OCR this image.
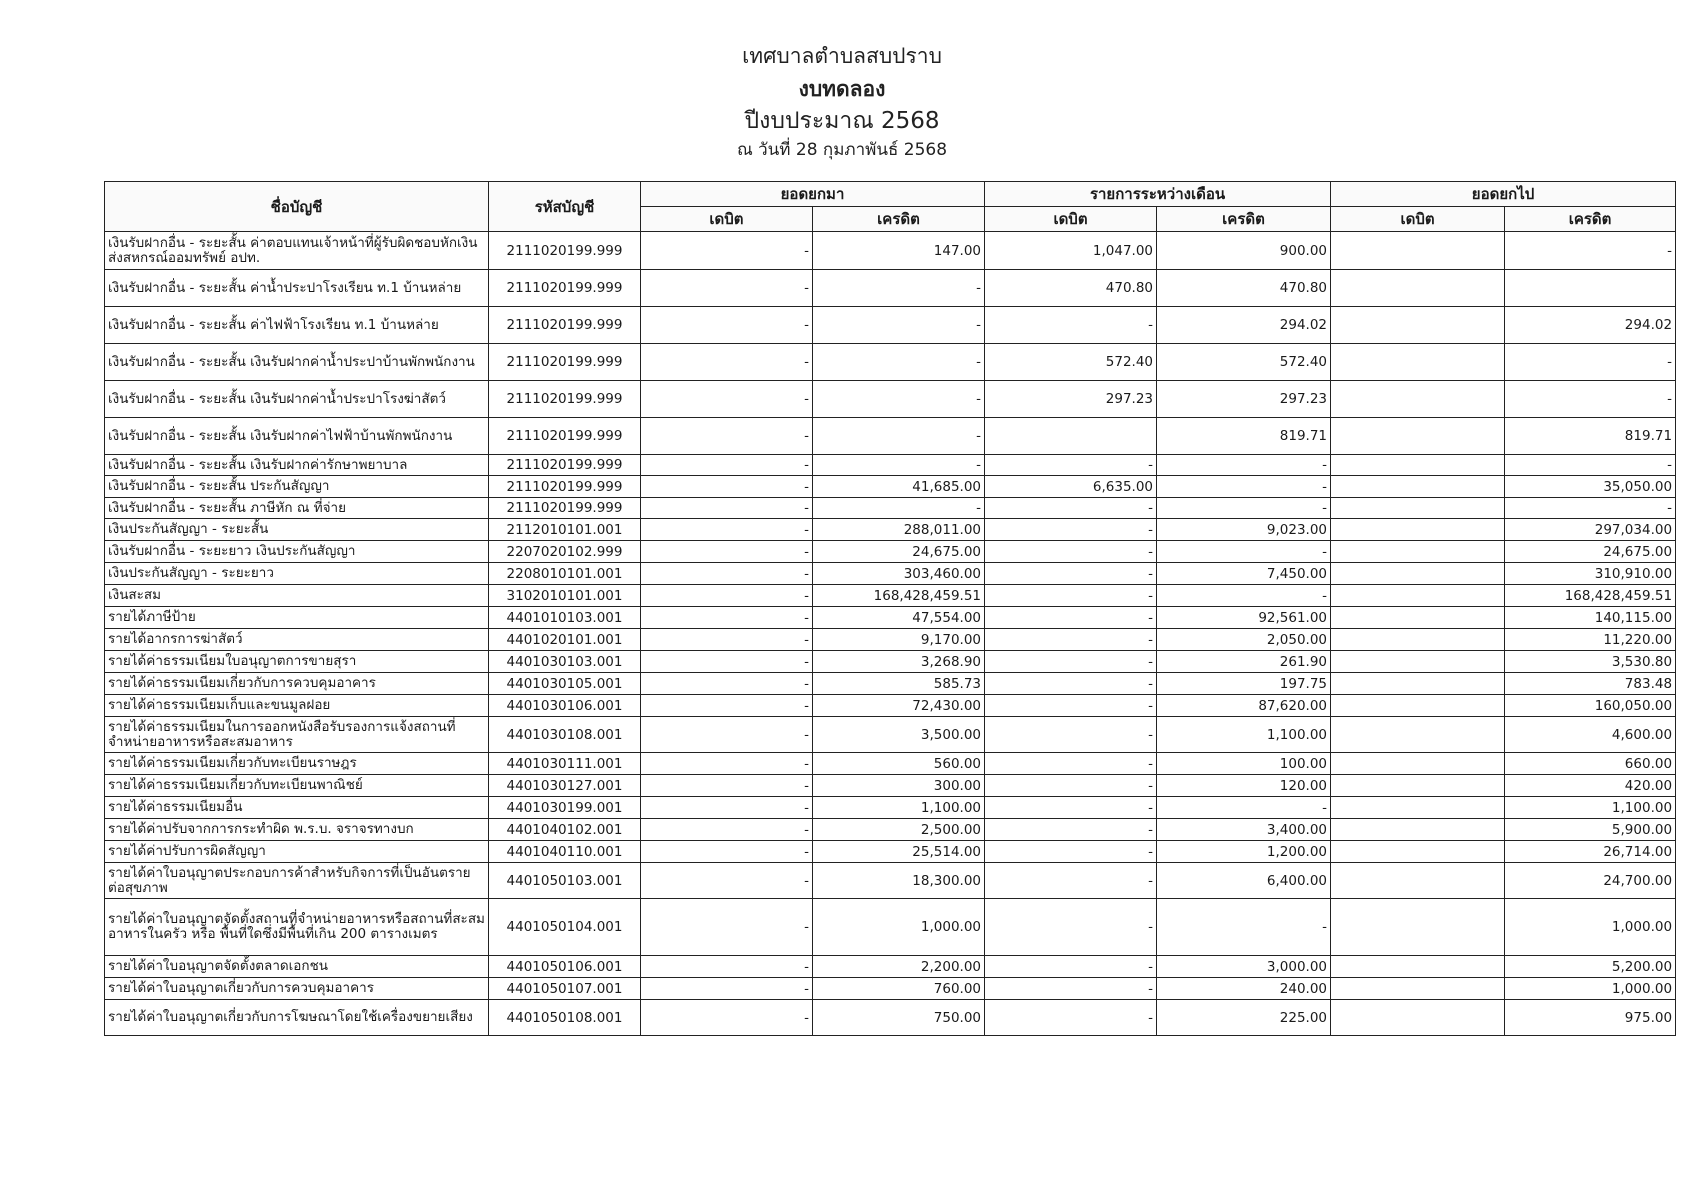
เทศบาลตำบลสบปราบ
งบทดลอง
ปีงบประมาณ 2568
ณ วันที่ 28 กุมภาพันธ์ 2568
ชื่อบัญชี	รหัสบัญชี	ยอดยกมา		รายการระหว่างเดือน		ยอดยกไป	
		เดบิต	เครดิต	เดบิต	เครดิต	เดบิต	เครดิต
เงินรับฝากอื่น - ระยะสั้น ค่าตอบแทนเจ้าหน้าที่ผู้รับผิดชอบหักเงินส่งสหกรณ์ออมทรัพย์ อปท.	2111020199.999	-	147.00	1,047.00	900.00		-
เงินรับฝากอื่น - ระยะสั้น ค่าน้ำประปาโรงเรียน ท.1 บ้านหล่าย	2111020199.999	-	-	470.80	470.80		
เงินรับฝากอื่น - ระยะสั้น ค่าไฟฟ้าโรงเรียน ท.1 บ้านหล่าย	2111020199.999	-	-	-	294.02		294.02
เงินรับฝากอื่น - ระยะสั้น เงินรับฝากค่าน้ำประปาบ้านพักพนักงาน	2111020199.999	-	-	572.40	572.40		-
เงินรับฝากอื่น - ระยะสั้น เงินรับฝากค่าน้ำประปาโรงฆ่าสัตว์	2111020199.999	-	-	297.23	297.23		-
เงินรับฝากอื่น - ระยะสั้น เงินรับฝากค่าไฟฟ้าบ้านพักพนักงาน	2111020199.999	-	-		819.71		819.71
เงินรับฝากอื่น - ระยะสั้น เงินรับฝากค่ารักษาพยาบาล	2111020199.999	-	-	-	-		-
เงินรับฝากอื่น - ระยะสั้น ประกันสัญญา	2111020199.999	-	41,685.00	6,635.00	-		35,050.00
เงินรับฝากอื่น - ระยะสั้น ภาษีหัก ณ ที่จ่าย	2111020199.999	-	-	-	-		-
เงินประกันสัญญา - ระยะสั้น	2112010101.001	-	288,011.00	-	9,023.00		297,034.00
เงินรับฝากอื่น - ระยะยาว เงินประกันสัญญา	2207020102.999	-	24,675.00	-	-		24,675.00
เงินประกันสัญญา - ระยะยาว	2208010101.001	-	303,460.00	-	7,450.00		310,910.00
เงินสะสม	3102010101.001	-	168,428,459.51	-	-		168,428,459.51
รายได้ภาษีป้าย	4401010103.001	-	47,554.00	-	92,561.00		140,115.00
รายได้อากรการฆ่าสัตว์	4401020101.001	-	9,170.00	-	2,050.00		11,220.00
รายได้ค่าธรรมเนียมใบอนุญาตการขายสุรา	4401030103.001	-	3,268.90	-	261.90		3,530.80
รายได้ค่าธรรมเนียมเกี่ยวกับการควบคุมอาคาร	4401030105.001	-	585.73	-	197.75		783.48
รายได้ค่าธรรมเนียมเก็บและขนมูลฝอย	4401030106.001	-	72,430.00	-	87,620.00		160,050.00
รายได้ค่าธรรมเนียมในการออกหนังสือรับรองการแจ้งสถานที่จำหน่ายอาหารหรือสะสมอาหาร	4401030108.001	-	3,500.00	-	1,100.00		4,600.00
รายได้ค่าธรรมเนียมเกี่ยวกับทะเบียนราษฎร	4401030111.001	-	560.00	-	100.00		660.00
รายได้ค่าธรรมเนียมเกี่ยวกับทะเบียนพาณิชย์	4401030127.001	-	300.00	-	120.00		420.00
รายได้ค่าธรรมเนียมอื่น	4401030199.001	-	1,100.00	-	-		1,100.00
รายได้ค่าปรับจากการกระทำผิด พ.ร.บ. จราจรทางบก	4401040102.001	-	2,500.00	-	3,400.00		5,900.00
รายได้ค่าปรับการผิดสัญญา	4401040110.001	-	25,514.00	-	1,200.00		26,714.00
รายได้ค่าใบอนุญาตประกอบการค้าสำหรับกิจการที่เป็นอันตรายต่อสุขภาพ	4401050103.001	-	18,300.00	-	6,400.00		24,700.00
รายได้ค่าใบอนุญาตจัดตั้งสถานที่จำหน่ายอาหารหรือสถานที่สะสมอาหารในครัว หรือ พื้นที่ใดซึ่งมีพื้นที่เกิน 200 ตารางเมตร	4401050104.001	-	1,000.00	-	-		1,000.00
รายได้ค่าใบอนุญาตจัดตั้งตลาดเอกชน	4401050106.001	-	2,200.00	-	3,000.00		5,200.00
รายได้ค่าใบอนุญาตเกี่ยวกับการควบคุมอาคาร	4401050107.001	-	760.00	-	240.00		1,000.00
รายได้ค่าใบอนุญาตเกี่ยวกับการโฆษณาโดยใช้เครื่องขยายเสียง	4401050108.001	-	750.00	-	225.00		975.00
